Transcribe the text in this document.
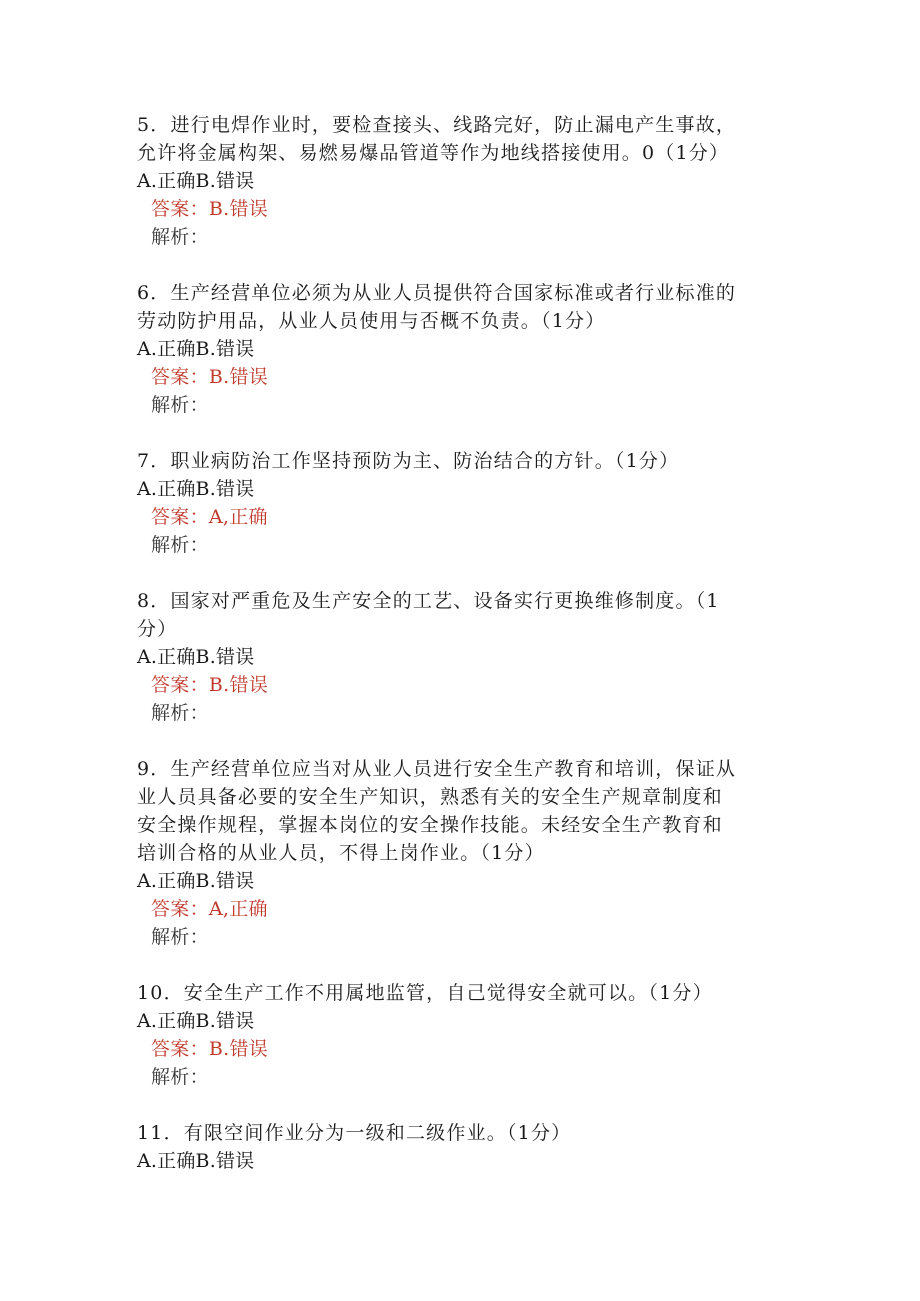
5．进行电焊作业时，要检查接头、线路完好，防止漏电产生事故，
允许将金属构架、易燃易爆品管道等作为地线搭接使用。0（1分）
A.正确B.错误
答案：B.错误
解析：
6．生产经营单位必须为从业人员提供符合国家标准或者行业标准的
劳动防护用品，从业人员使用与否概不负责。（1分）
A.正确B.错误
答案：B.错误
解析：
7．职业病防治工作坚持预防为主、防治结合的方针。（1分）
A.正确B.错误
答案：A,正确
解析：
8．国家对严重危及生产安全的工艺、设备实行更换维修制度。（1
分）
A.正确B.错误
答案：B.错误
解析：
9．生产经营单位应当对从业人员进行安全生产教育和培训，保证从
业人员具备必要的安全生产知识，熟悉有关的安全生产规章制度和
安全操作规程，掌握本岗位的安全操作技能。未经安全生产教育和
培训合格的从业人员，不得上岗作业。（1分）
A.正确B.错误
答案：A,正确
解析：
10．安全生产工作不用属地监管，自己觉得安全就可以。（1分）
A.正确B.错误
答案：B.错误
解析：
11．有限空间作业分为一级和二级作业。（1分）
A.正确B.错误
